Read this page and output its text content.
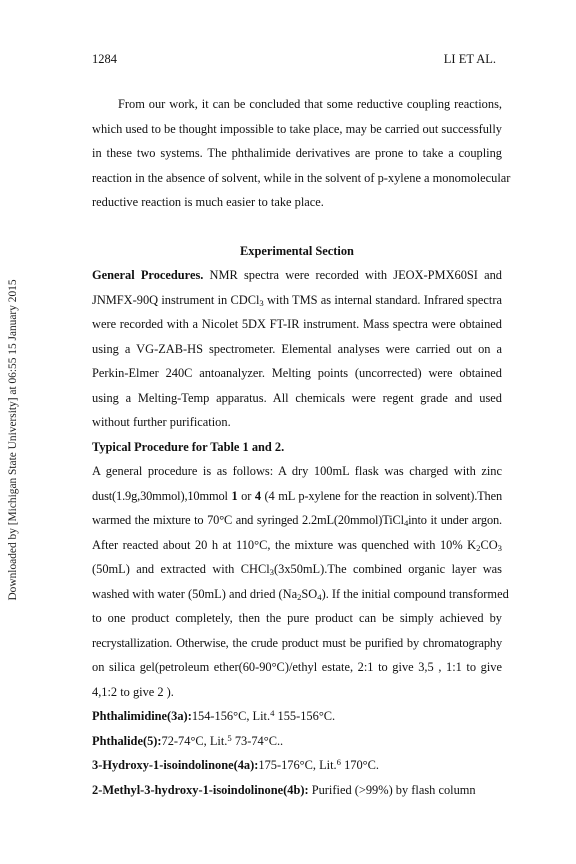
Downloaded by [Michigan State University] at 06:55 15 January 2015
1284	LI ET AL.

From our work, it can be concluded that some reductive coupling reactions,
which used to be thought impossible to take place, may be carried out successfully
in these two systems. The phthalimide derivatives are prone to take a coupling
reaction in the absence of solvent, while in the solvent of p-xylene a monomolecular
reductive reaction is much easier to take place.

Experimental Section

General Procedures. NMR spectra were recorded with JEOX-PMX60SI and JNMFX-90Q instrument in CDCl$_3$ with TMS as internal standard. Infrared spectra were recorded with a Nicolet 5DX FT-IR instrument. Mass spectra were obtained using a VG-ZAB-HS spectrometer. Elemental analyses were carried out on a Perkin-Elmer 240C antoanalyzer. Melting points (uncorrected) were obtained using a Melting-Temp apparatus. All chemicals were regent grade and used without further purification.

Typical Procedure for Table 1 and 2.

A general procedure is as follows: A dry 100mL flask was charged with zinc
dust(1.9g,30mmol),10mmol 1 or 4 (4 mL p-xylene for the reaction in solvent).Then
warmed the mixture to 70°C and syringed 2.2mL(20mmol)TiCl$_4$into it under argon.
After reacted about 20 h at 110°C, the mixture was quenched with 10% $K_2CO_3$
(50mL) and extracted with CHCl$_3$(3x50mL).The combined organic layer was
washed with water (50mL) and dried $(Na_2SO_4)$. If the initial compound transformed
to one product completely, then the pure product can be simply achieved by
recrystallization. Otherwise, the crude product must be purified by chromatography
on silica gel(petroleum ether(60-90°C)/ethyl estate, 2:1 to give 3,5 , 1:1 to give
4,1:2 to give 2 ).

Phthalimidine(3a):154-156°C, Lit.$^4$ 155-156°C.

Phthalide(5):72-74°C, Lit.$^5$ 73-74°C..

3-Hydroxy-1-isoindolinone(4a):175-176°C, Lit.$^6$ 170°C.

2-Methyl-3-hydroxy-1-isoindolinone(4b): Purified (>99%) by flash column
